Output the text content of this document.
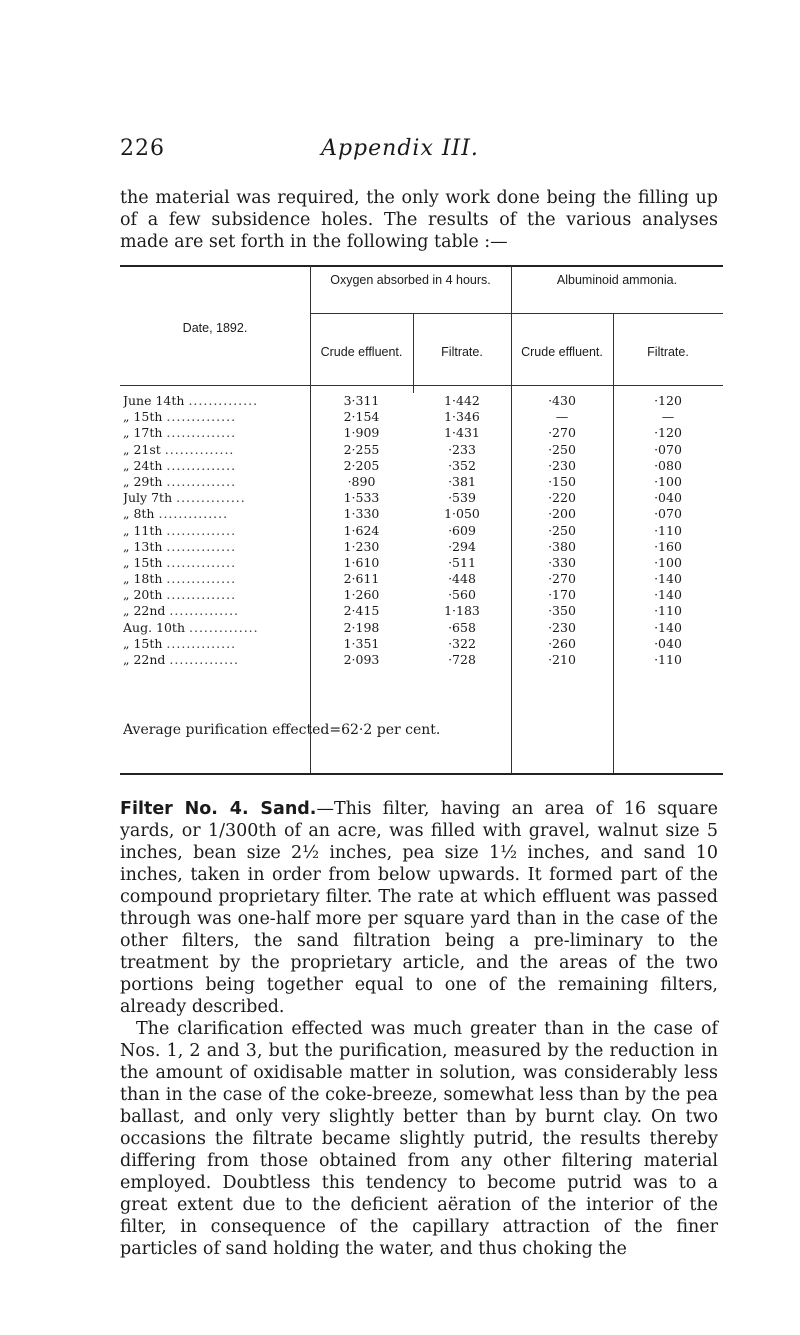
226	Appendix III.

the material was required, the only work done being the filling up of a few subsidence holes. The results of the various analyses made are set forth in the following table :—

Date, 1892.
Oxygen absorbed in 4 hours.	Albuminoid ammonia.
Crude effluent.	Filtrate.	Crude effluent.	Filtrate.
June 14th ..............	3·311	1·442	·430	·120
„ 15th ..............	2·154	1·346	—	—
„ 17th ..............	1·909	1·431	·270	·120
„ 21st ..............	2·255	·233	·250	·070
„ 24th ..............	2·205	·352	·230	·080
„ 29th ..............	·890	·381	·150	·100
July 7th ..............	1·533	·539	·220	·040
„ 8th ..............	1·330	1·050	·200	·070
„ 11th ..............	1·624	·609	·250	·110
„ 13th ..............	1·230	·294	·380	·160
„ 15th ..............	1·610	·511	·330	·100
„ 18th ..............	2·611	·448	·270	·140
„ 20th ..............	1·260	·560	·170	·140
„ 22nd ..............	2·415	1·183	·350	·110
Aug. 10th ..............	2·198	·658	·230	·140
„ 15th ..............	1·351	·322	·260	·040
„ 22nd ..............	2·093	·728	·210	·110
Average purification effected=62·2 per cent.

Filter No. 4. Sand.—This filter, having an area of 16 square yards, or 1/300th of an acre, was filled with gravel, walnut size 5 inches, bean size 2½ inches, pea size 1½ inches, and sand 10 inches, taken in order from below upwards. It formed part of the compound proprietary filter. The rate at which effluent was passed through was one-half more per square yard than in the case of the other filters, the sand filtration being a pre-liminary to the treatment by the proprietary article, and the areas of the two portions being together equal to one of the remaining filters, already described.

The clarification effected was much greater than in the case of Nos. 1, 2 and 3, but the purification, measured by the reduction in the amount of oxidisable matter in solution, was considerably less than in the case of the coke-breeze, somewhat less than by the pea ballast, and only very slightly better than by burnt clay. On two occasions the filtrate became slightly putrid, the results thereby differing from those obtained from any other filtering material employed. Doubtless this tendency to become putrid was to a great extent due to the deficient aëration of the interior of the filter, in consequence of the capillary attraction of the finer particles of sand holding the water, and thus choking the
